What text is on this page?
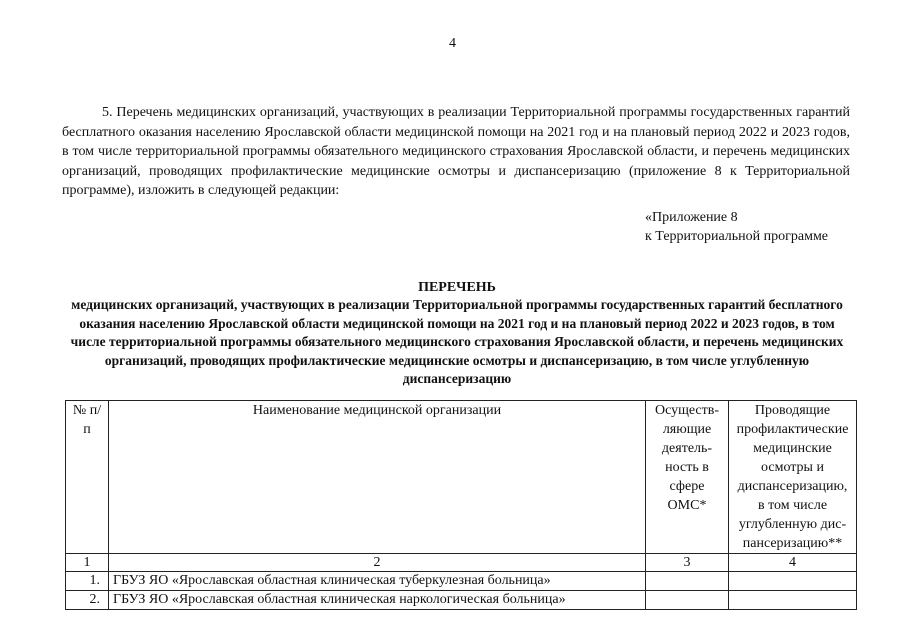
4
5. Перечень медицинских организаций, участвующих в реализации Территориальной программы государственных гарантий бесплатного оказания населению Ярославской области медицинской помощи на 2021 год и на плановый период 2022 и 2023 годов, в том числе территориальной программы обязательного медицинского страхования Ярославской области, и перечень медицинских организаций, проводящих профилактические медицинские осмотры и диспансеризацию (приложение 8 к Территориальной программе), изложить в следующей редакции:
«Приложение 8
к Территориальной программе
ПЕРЕЧЕНЬ
медицинских организаций, участвующих в реализации Территориальной программы государственных гарантий бесплатного оказания населению Ярославской области медицинской помощи на 2021 год и на плановый период 2022 и 2023 годов, в том числе территориальной программы обязательного медицинского страхования Ярославской области, и перечень медицинских организаций, проводящих профилактические медицинские осмотры и диспансеризацию, в том числе углубленную диспансеризацию
№ п/п	Наименование медицинской организации	Осуществ-ляющие деятель-ность в сфере ОМС*	Проводящие профилактические медицинские осмотры и диспансеризацию, в том числе углубленную дис-пансеризацию**
1	2	3	4
1.	ГБУЗ ЯО «Ярославская областная клиническая туберкулезная больница»		
2.	ГБУЗ ЯО «Ярославская областная клиническая наркологическая больница»		
